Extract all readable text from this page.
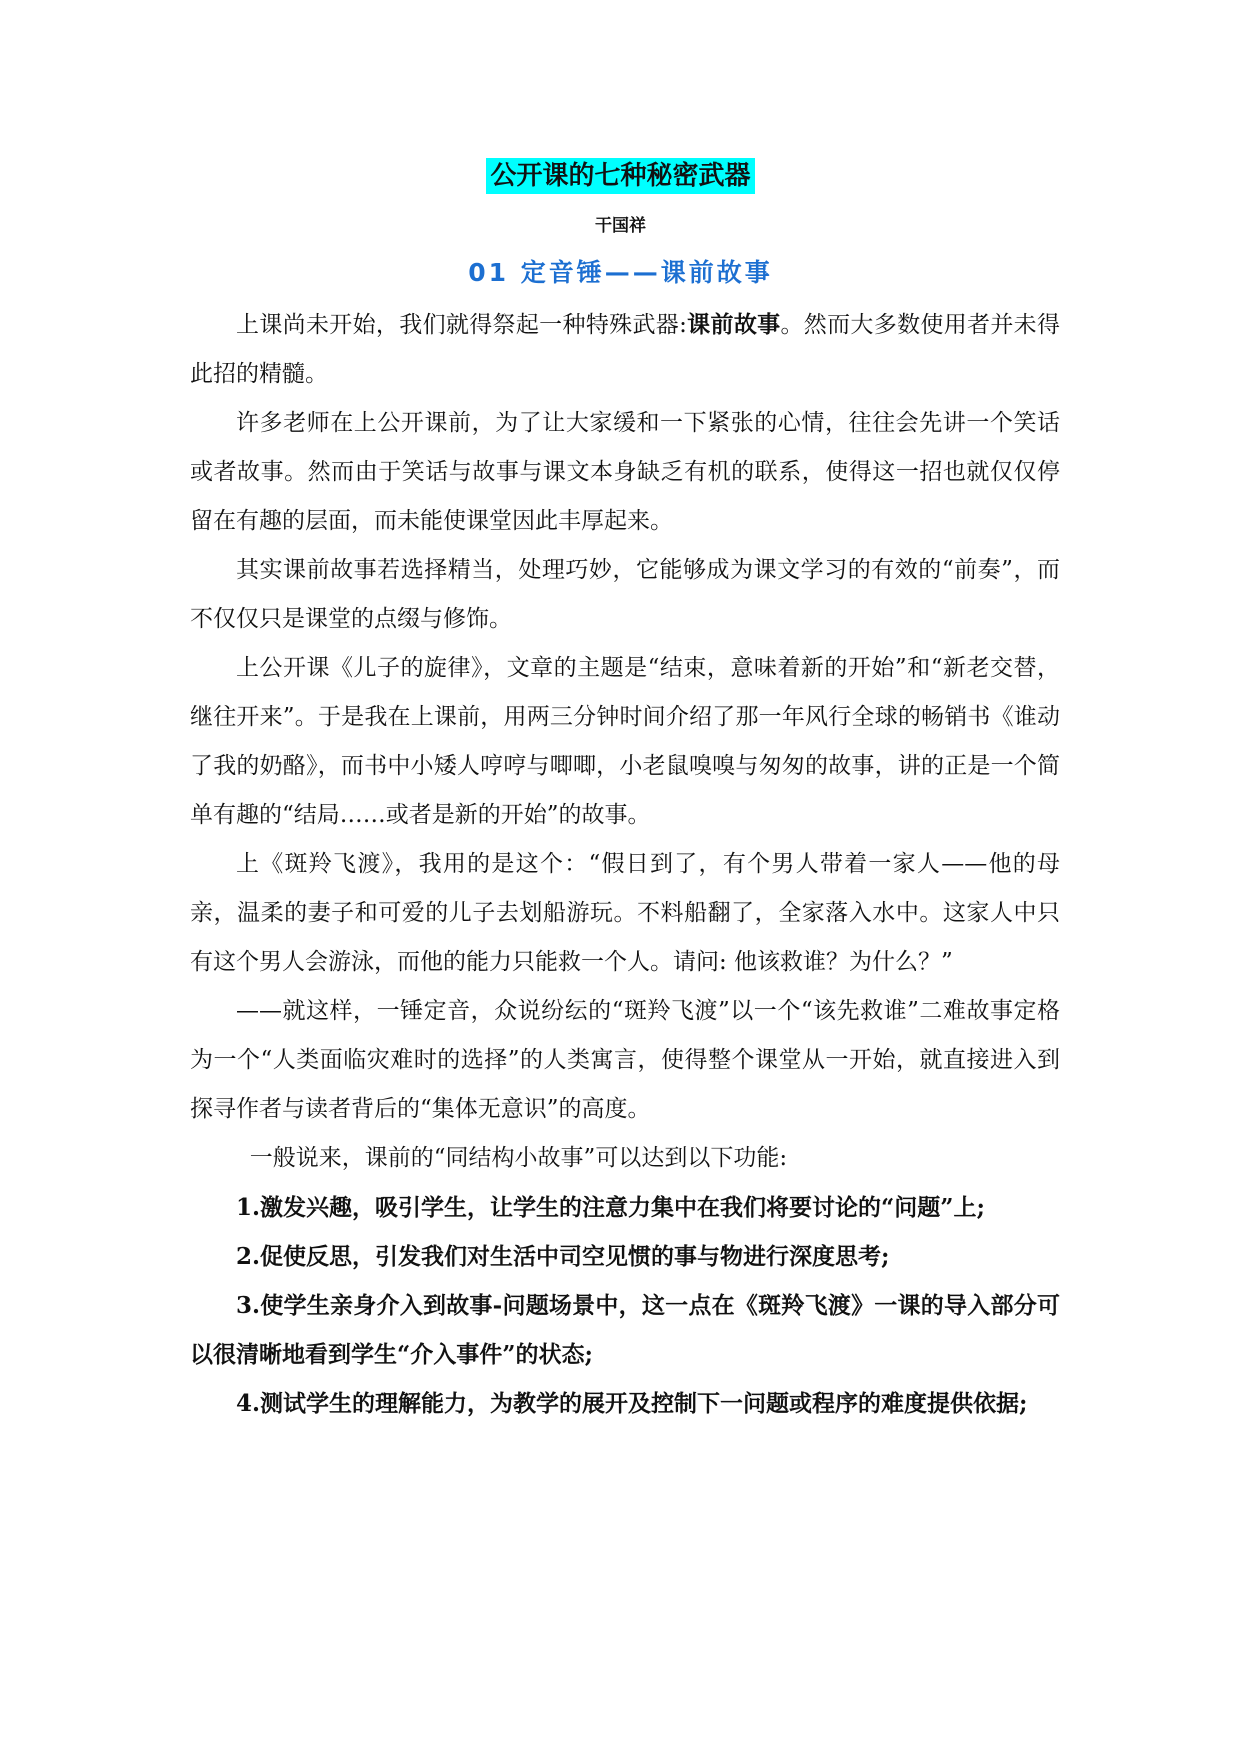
公开课的七种秘密武器
干国祥
01 定音锤——课前故事

上课尚未开始，我们就得祭起一种特殊武器:课前故事。然而大多数使用者并未得此招的精髓。

许多老师在上公开课前，为了让大家缓和一下紧张的心情，往往会先讲一个笑话或者故事。然而由于笑话与故事与课文本身缺乏有机的联系，使得这一招也就仅仅停留在有趣的层面，而未能使课堂因此丰厚起来。

其实课前故事若选择精当，处理巧妙，它能够成为课文学习的有效的“前奏”，而不仅仅只是课堂的点缀与修饰。

上公开课《儿子的旋律》，文章的主题是“结束，意味着新的开始”和“新老交替，继往开来”。于是我在上课前，用两三分钟时间介绍了那一年风行全球的畅销书《谁动了我的奶酪》，而书中小矮人哼哼与唧唧，小老鼠嗅嗅与匆匆的故事，讲的正是一个简单有趣的“结局……或者是新的开始”的故事。

上《斑羚飞渡》，我用的是这个：“假日到了，有个男人带着一家人——他的母亲，温柔的妻子和可爱的儿子去划船游玩。不料船翻了，全家落入水中。这家人中只有这个男人会游泳，而他的能力只能救一个人。请问: 他该救谁？为什么？”

——就这样，一锤定音，众说纷纭的“斑羚飞渡”以一个“该先救谁”二难故事定格为一个“人类面临灾难时的选择”的人类寓言，使得整个课堂从一开始，就直接进入到探寻作者与读者背后的“集体无意识”的高度。

一般说来，课前的“同结构小故事”可以达到以下功能:

1.激发兴趣，吸引学生，让学生的注意力集中在我们将要讨论的“问题”上;

2.促使反思，引发我们对生活中司空见惯的事与物进行深度思考;

3.使学生亲身介入到故事-问题场景中，这一点在《斑羚飞渡》一课的导入部分可以很清晰地看到学生“介入事件”的状态;

4.测试学生的理解能力，为教学的展开及控制下一问题或程序的难度提供依据;
